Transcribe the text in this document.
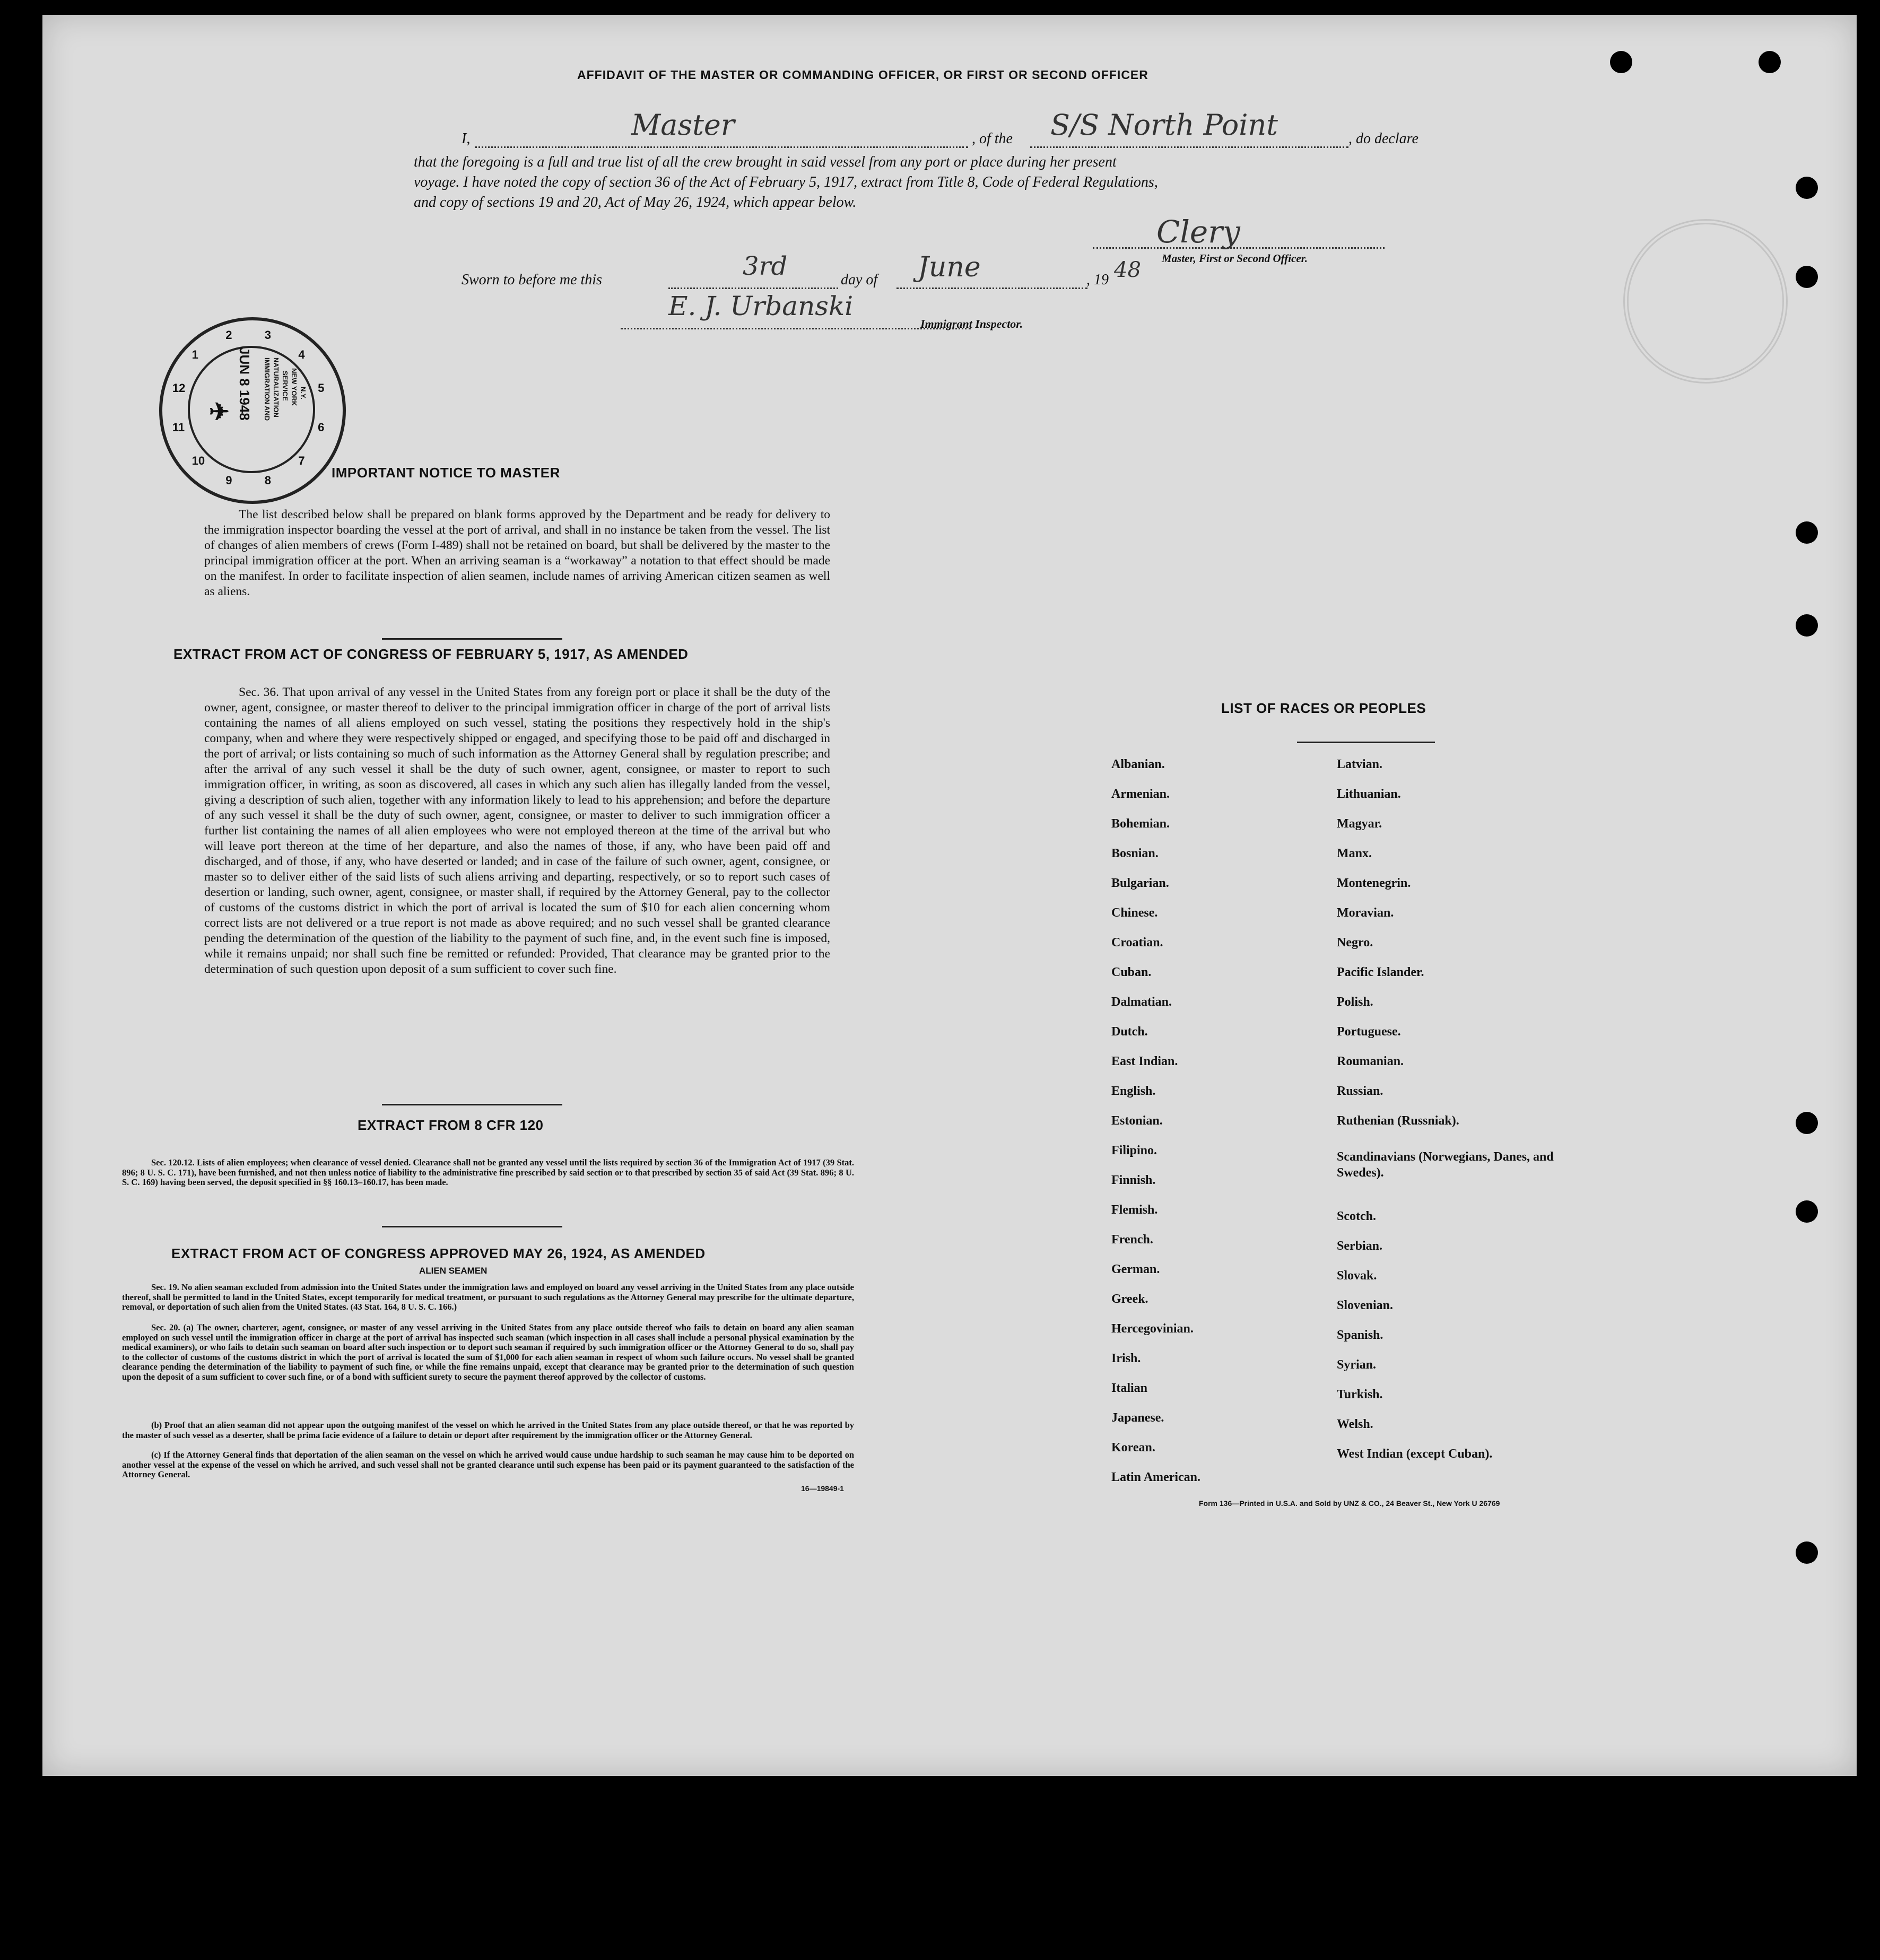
AFFIDAVIT OF THE MASTER OR COMMANDING OFFICER, OR FIRST OR SECOND OFFICER
I,	Master	, of the S/S North Point	, do declare
that the foregoing is a full and true list of all the crew brought in said vessel from any port or place during her present
voyage. I have noted the copy of section 36 of the Act of February 5, 1917, extract from Title 8, Code of Federal Regulations,
and copy of sections 19 and 20, Act of May 26, 1924, which appear below.
Clery
Master, First or Second Officer.
Sworn to before me this	3rd	day of June	, 19 48
E. J. Urbanski
Immigrant Inspector.
✈ JUN 8 1948 IMMIGRATION AND NATURALIZATION SERVICE NEW YORK N.Y.
1
2	3
4
5
6
7
8
9
10
11
12
IMPORTANT NOTICE TO MASTER
The list described below shall be prepared on blank forms approved by the Department and be ready for delivery to the immigration inspector boarding the vessel at the port of arrival, and shall in no instance be taken from the vessel. The list of changes of alien members of crews (Form I-489) shall not be retained on board, but shall be delivered by the master to the principal immigration officer at the port. When an arriving seaman is a “workaway” a notation to that effect should be made on the manifest. In order to facilitate inspection of alien seamen, include names of arriving American citizen seamen as well as aliens.
EXTRACT FROM ACT OF CONGRESS OF FEBRUARY 5, 1917, AS AMENDED
Sec. 36. That upon arrival of any vessel in the United States from any foreign port or place it shall be the duty of the owner, agent, consignee, or master thereof to deliver to the principal immigration officer in charge of the port of arrival lists containing the names of all aliens employed on such vessel, stating the positions they respectively hold in the ship's company, when and where they were respectively shipped or engaged, and specifying those to be paid off and discharged in the port of arrival; or lists containing so much of such information as the Attorney General shall by regulation prescribe; and after the arrival of any such vessel it shall be the duty of such owner, agent, consignee, or master to report to such immigration officer, in writing, as soon as discovered, all cases in which any such alien has illegally landed from the vessel, giving a description of such alien, together with any information likely to lead to his apprehension; and before the departure of any such vessel it shall be the duty of such owner, agent, consignee, or master to deliver to such immigration officer a further list containing the names of all alien employees who were not employed thereon at the time of the arrival but who will leave port thereon at the time of her departure, and also the names of those, if any, who have been paid off and discharged, and of those, if any, who have deserted or landed; and in case of the failure of such owner, agent, consignee, or master so to deliver either of the said lists of such aliens arriving and departing, respectively, or so to report such cases of desertion or landing, such owner, agent, consignee, or master shall, if required by the Attorney General, pay to the collector of customs of the customs district in which the port of arrival is located the sum of $10 for each alien concerning whom correct lists are not delivered or a true report is not made as above required; and no such vessel shall be granted clearance pending the determination of the question of the liability to the payment of such fine, and, in the event such fine is imposed, while it remains unpaid; nor shall such fine be remitted or refunded: Provided, That clearance may be granted prior to the determination of such question upon deposit of a sum sufficient to cover such fine.
EXTRACT FROM 8 CFR 120
Sec. 120.12. Lists of alien employees; when clearance of vessel denied. Clearance shall not be granted any vessel until the lists required by section 36 of the Immigration Act of 1917 (39 Stat. 896; 8 U. S. C. 171), have been furnished, and not then unless notice of liability to the administrative fine prescribed by said section or to that prescribed by section 35 of said Act (39 Stat. 896; 8 U. S. C. 169) having been served, the deposit specified in §§ 160.13–160.17, has been made.
EXTRACT FROM ACT OF CONGRESS APPROVED MAY 26, 1924, AS AMENDED
ALIEN SEAMEN
Sec. 19. No alien seaman excluded from admission into the United States under the immigration laws and employed on board any vessel arriving in the United States from any place outside thereof, shall be permitted to land in the United States, except temporarily for medical treatment, or pursuant to such regulations as the Attorney General may prescribe for the ultimate departure, removal, or deportation of such alien from the United States. (43 Stat. 164, 8 U. S. C. 166.)
Sec. 20. (a) The owner, charterer, agent, consignee, or master of any vessel arriving in the United States from any place outside thereof who fails to detain on board any alien seaman employed on such vessel until the immigration officer in charge at the port of arrival has inspected such seaman (which inspection in all cases shall include a personal physical examination by the medical examiners), or who fails to detain such seaman on board after such inspection or to deport such seaman if required by such immigration officer or the Attorney General to do so, shall pay to the collector of customs of the customs district in which the port of arrival is located the sum of $1,000 for each alien seaman in respect of whom such failure occurs. No vessel shall be granted clearance pending the determination of the liability to payment of such fine, or while the fine remains unpaid, except that clearance may be granted prior to the determination of such question upon the deposit of a sum sufficient to cover such fine, or of a bond with sufficient surety to secure the payment thereof approved by the collector of customs.
(b) Proof that an alien seaman did not appear upon the outgoing manifest of the vessel on which he arrived in the United States from any place outside thereof, or that he was reported by the master of such vessel as a deserter, shall be prima facie evidence of a failure to detain or deport after requirement by the immigration officer or the Attorney General.
(c) If the Attorney General finds that deportation of the alien seaman on the vessel on which he arrived would cause undue hardship to such seaman he may cause him to be deported on another vessel at the expense of the vessel on which he arrived, and such vessel shall not be granted clearance until such expense has been paid or its payment guaranteed to the satisfaction of the Attorney General.
16—19849-1
LIST OF RACES OR PEOPLES
Form 136—Printed in U.S.A. and Sold by UNZ & CO., 24 Beaver St., New York U 26769
Albanian.
Armenian.
Bohemian.
Bosnian.
Bulgarian.
Chinese.
Croatian.
Cuban.
Dalmatian.
Dutch.
East Indian.
English.
Estonian.
Filipino.
Finnish.
Flemish.
French.
German.
Greek.
Hercegovinian.
Irish.
Italian
Japanese.
Korean.
Latin American.
Latvian.
Lithuanian.
Magyar.
Manx.
Montenegrin.
Moravian.
Negro.
Pacific Islander.
Polish.
Portuguese.
Roumanian.
Russian.
Ruthenian (Russniak).
Scandinavians (Norwegians, Danes, and Swedes).
Scotch.
Serbian.
Slovak.
Slovenian.
Spanish.
Syrian.
Turkish.
Welsh.
West Indian (except Cuban).
